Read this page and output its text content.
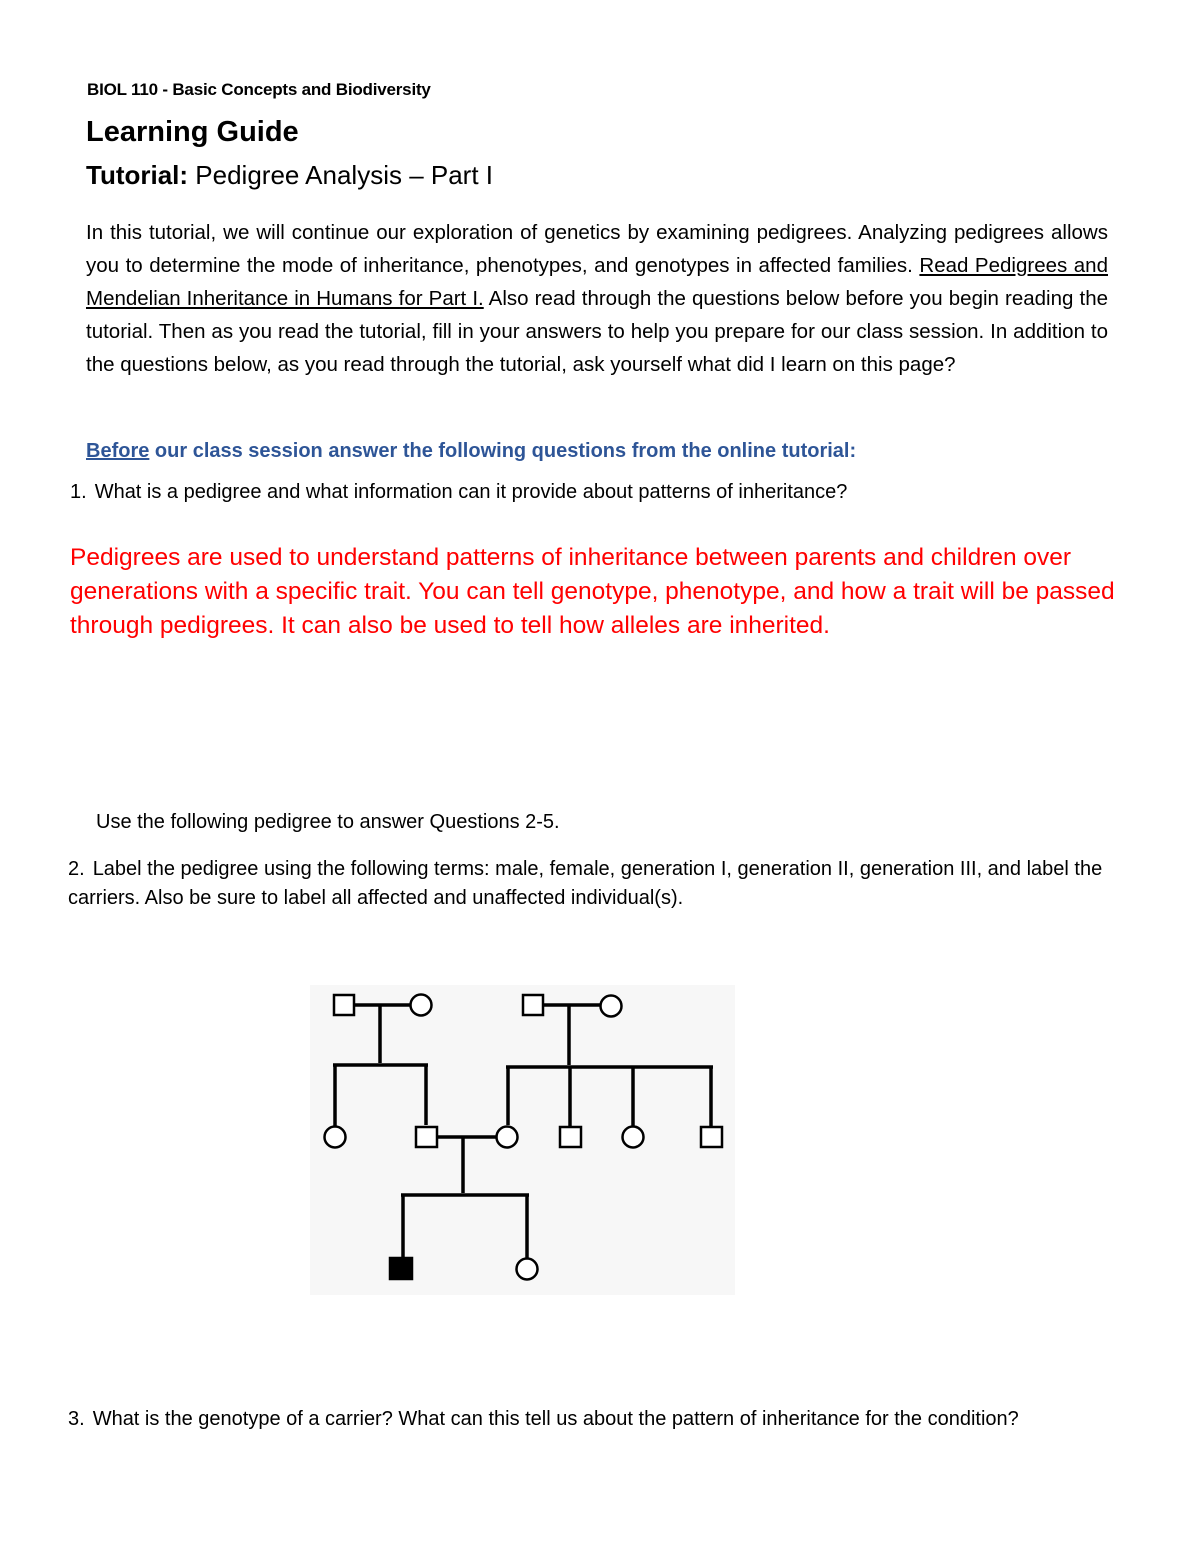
BIOL 110 - Basic Concepts and Biodiversity
Learning Guide
Tutorial: Pedigree Analysis – Part I
In this tutorial, we will continue our exploration of genetics by examining pedigrees. Analyzing pedigrees allows you to determine the mode of inheritance, phenotypes, and genotypes in affected families. Read Pedigrees and Mendelian Inheritance in Humans for Part I. Also read through the questions below before you begin reading the tutorial. Then as you read the tutorial, fill in your answers to help you prepare for our class session. In addition to the questions below, as you read through the tutorial, ask yourself what did I learn on this page?
Before our class session answer the following questions from the online tutorial:
1. What is a pedigree and what information can it provide about patterns of inheritance?
Pedigrees are used to understand patterns of inheritance between parents and children over generations with a specific trait. You can tell genotype, phenotype, and how a trait will be passed through pedigrees. It can also be used to tell how alleles are inherited.
Use the following pedigree to answer Questions 2-5.
2. Label the pedigree using the following terms: male, female, generation I, generation II, generation III, and label the carriers. Also be sure to label all affected and unaffected individual(s).
3. What is the genotype of a carrier? What can this tell us about the pattern of inheritance for the condition?
